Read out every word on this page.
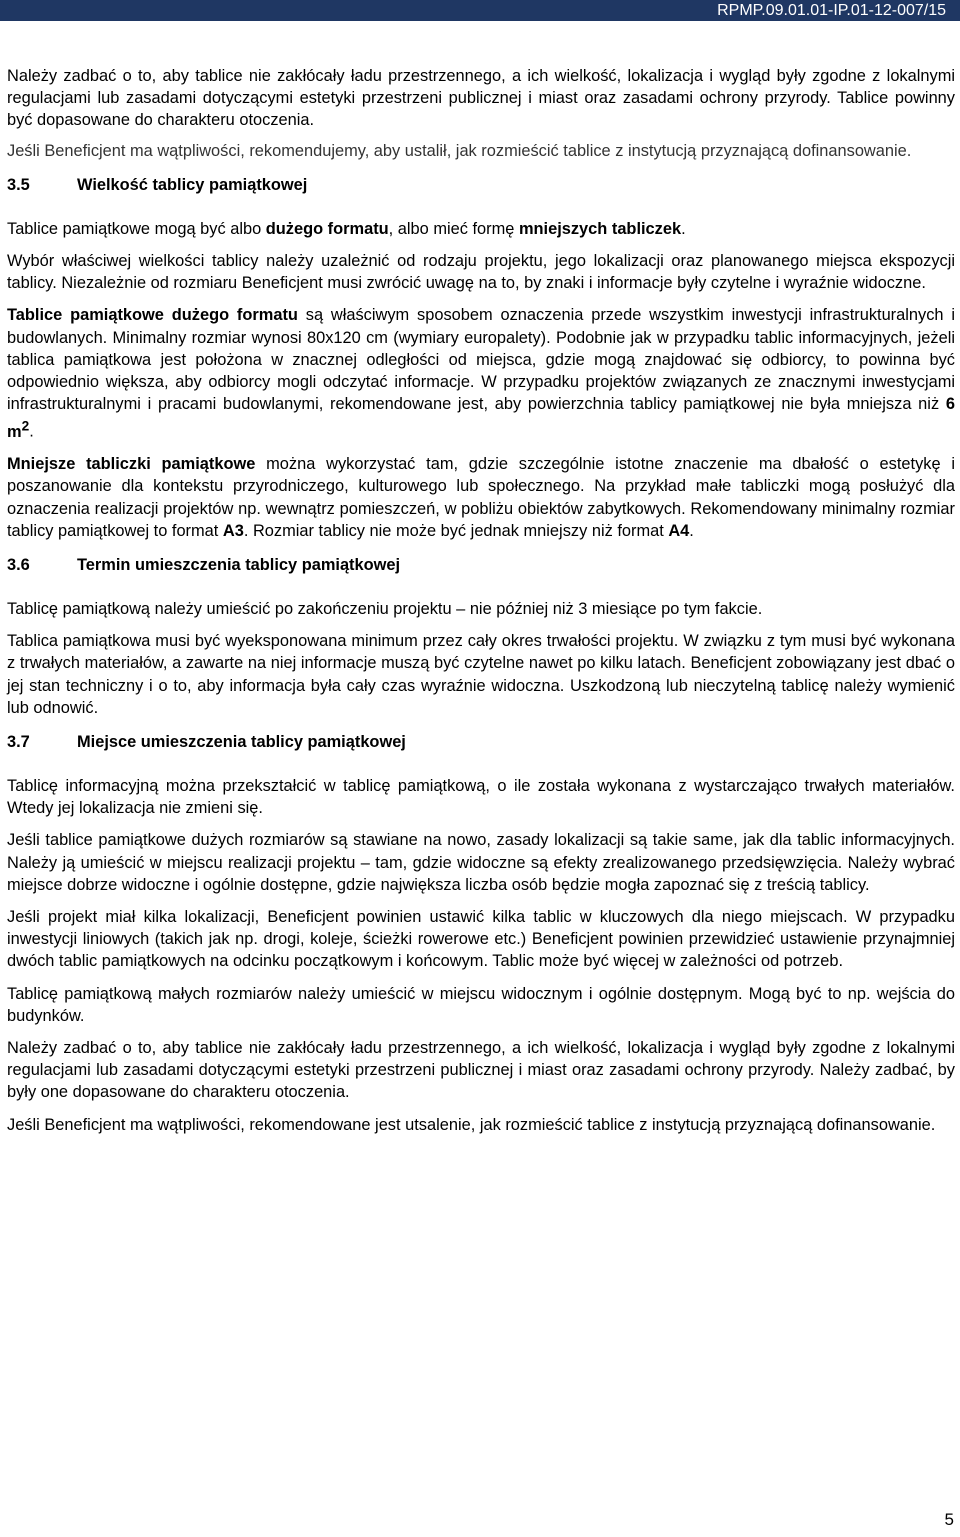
RPMP.09.01.01-IP.01-12-007/15

Należy zadbać o to, aby tablice nie zakłócały ładu przestrzennego, a ich wielkość, lokalizacja i wygląd były zgodne z lokalnymi regulacjami lub zasadami dotyczącymi estetyki przestrzeni publicznej i miast oraz zasadami ochrony przyrody. Tablice powinny być dopasowane do charakteru otoczenia.

Jeśli Beneficjent ma wątpliwości, rekomendujemy, aby ustalił, jak rozmieścić tablice z instytucją przyznającą dofinansowanie.

3.5	Wielkość tablicy pamiątkowej

Tablice pamiątkowe mogą być albo dużego formatu, albo mieć formę mniejszych tabliczek.

Wybór właściwej wielkości tablicy należy uzależnić od rodzaju projektu, jego lokalizacji oraz planowanego miejsca ekspozycji tablicy. Niezależnie od rozmiaru Beneficjent musi zwrócić uwagę na to, by znaki i informacje były czytelne i wyraźnie widoczne.

Tablice pamiątkowe dużego formatu są właściwym sposobem oznaczenia przede wszystkim inwestycji infrastrukturalnych i budowlanych. Minimalny rozmiar wynosi 80x120 cm (wymiary europalety). Podobnie jak w przypadku tablic informacyjnych, jeżeli tablica pamiątkowa jest położona w znacznej odległości od miejsca, gdzie mogą znajdować się odbiorcy, to powinna być odpowiednio większa, aby odbiorcy mogli odczytać informacje. W przypadku projektów związanych ze znacznymi inwestycjami infrastrukturalnymi i pracami budowlanymi, rekomendowane jest, aby powierzchnia tablicy pamiątkowej nie była mniejsza niż 6 $m^2$.

Mniejsze tabliczki pamiątkowe można wykorzystać tam, gdzie szczególnie istotne znaczenie ma dbałość o estetykę i poszanowanie dla kontekstu przyrodniczego, kulturowego lub społecznego. Na przykład małe tabliczki mogą posłużyć dla oznaczenia realizacji projektów np. wewnątrz pomieszczeń, w pobliżu obiektów zabytkowych. Rekomendowany minimalny rozmiar tablicy pamiątkowej to format A3. Rozmiar tablicy nie może być jednak mniejszy niż format A4.

3.6	Termin umieszczenia tablicy pamiątkowej

Tablicę pamiątkową należy umieścić po zakończeniu projektu – nie później niż 3 miesiące po tym fakcie.

Tablica pamiątkowa musi być wyeksponowana minimum przez cały okres trwałości projektu. W związku z tym musi być wykonana z trwałych materiałów, a zawarte na niej informacje muszą być czytelne nawet po kilku latach. Beneficjent zobowiązany jest dbać o jej stan techniczny i o to, aby informacja była cały czas wyraźnie widoczna. Uszkodzoną lub nieczytelną tablicę należy wymienić lub odnowić.

3.7	Miejsce umieszczenia tablicy pamiątkowej

Tablicę informacyjną można przekształcić w tablicę pamiątkową, o ile została wykonana z wystarczająco trwałych materiałów. Wtedy jej lokalizacja nie zmieni się.

Jeśli tablice pamiątkowe dużych rozmiarów są stawiane na nowo, zasady lokalizacji są takie same, jak dla tablic informacyjnych. Należy ją umieścić w miejscu realizacji projektu – tam, gdzie widoczne są efekty zrealizowanego przedsięwzięcia. Należy wybrać miejsce dobrze widoczne i ogólnie dostępne, gdzie największa liczba osób będzie mogła zapoznać się z treścią tablicy.

Jeśli projekt miał kilka lokalizacji, Beneficjent powinien ustawić kilka tablic w kluczowych dla niego miejscach. W przypadku inwestycji liniowych (takich jak np. drogi, koleje, ścieżki rowerowe etc.) Beneficjent powinien przewidzieć ustawienie przynajmniej dwóch tablic pamiątkowych na odcinku początkowym i końcowym. Tablic może być więcej w zależności od potrzeb.

Tablicę pamiątkową małych rozmiarów należy umieścić w miejscu widocznym i ogólnie dostępnym. Mogą być to np. wejścia do budynków.

Należy zadbać o to, aby tablice nie zakłócały ładu przestrzennego, a ich wielkość, lokalizacja i wygląd były zgodne z lokalnymi regulacjami lub zasadami dotyczącymi estetyki przestrzeni publicznej i miast oraz zasadami ochrony przyrody. Należy zadbać, by były one dopasowane do charakteru otoczenia.

Jeśli Beneficjent ma wątpliwości, rekomendowane jest utsalenie, jak rozmieścić tablice z instytucją przyznającą dofinansowanie.

5
